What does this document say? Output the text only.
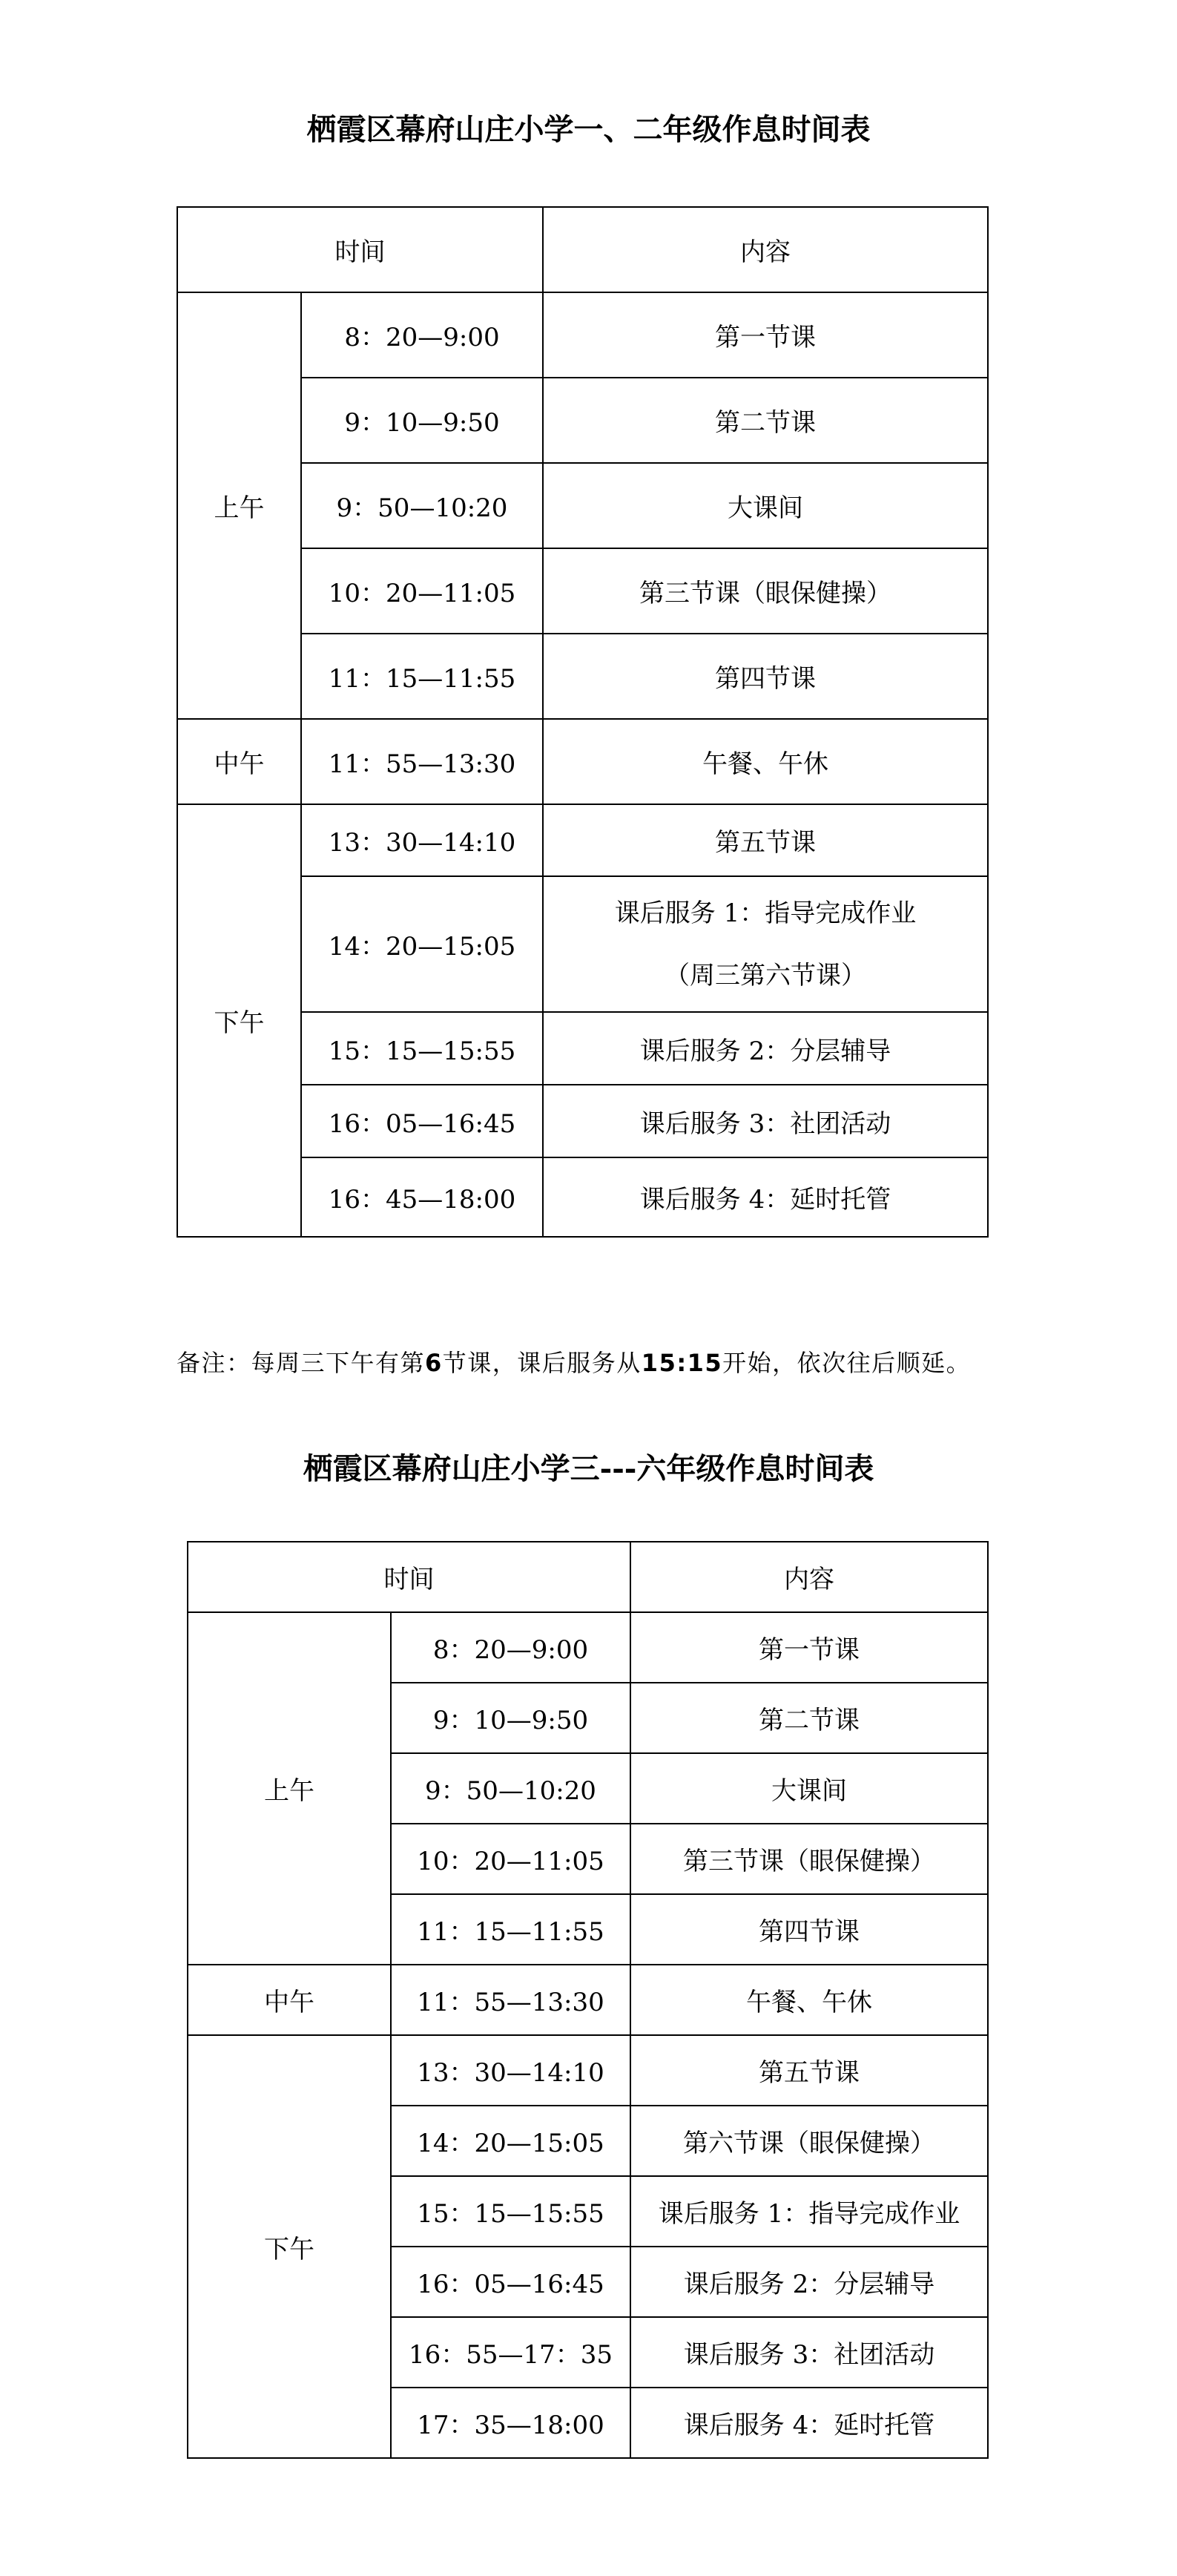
栖霞区幕府山庄小学一、二年级作息时间表
时间		内容
上午	8：20—9:00	第一节课
	9：10—9:50	第二节课
	9：50—10:20	大课间
	10：20—11:05	第三节课（眼保健操）
	11：15—11:55	第四节课
中午	11：55—13:30	午餐、午休
下午	13：30—14:10	第五节课
	14：20—15:05	课后服务 1：指导完成作业
（周三第六节课）

	15：15—15:55	课后服务 2：分层辅导
	16：05—16:45	课后服务 3：社团活动
	16：45—18:00	课后服务 4：延时托管
备注：每周三下午有第6节课，课后服务从15:15开始，依次往后顺延。
栖霞区幕府山庄小学三---六年级作息时间表
时间		内容
上午	8：20—9:00	第一节课
	9：10—9:50	第二节课
	9：50—10:20	大课间
	10：20—11:05	第三节课（眼保健操）
	11：15—11:55	第四节课
中午	11：55—13:30	午餐、午休
下午	13：30—14:10	第五节课
	14：20—15:05	第六节课（眼保健操）
	15：15—15:55	课后服务 1：指导完成作业
	16：05—16:45	课后服务 2：分层辅导
	16：55—17：35	课后服务 3：社团活动
	17：35—18:00	课后服务 4：延时托管
